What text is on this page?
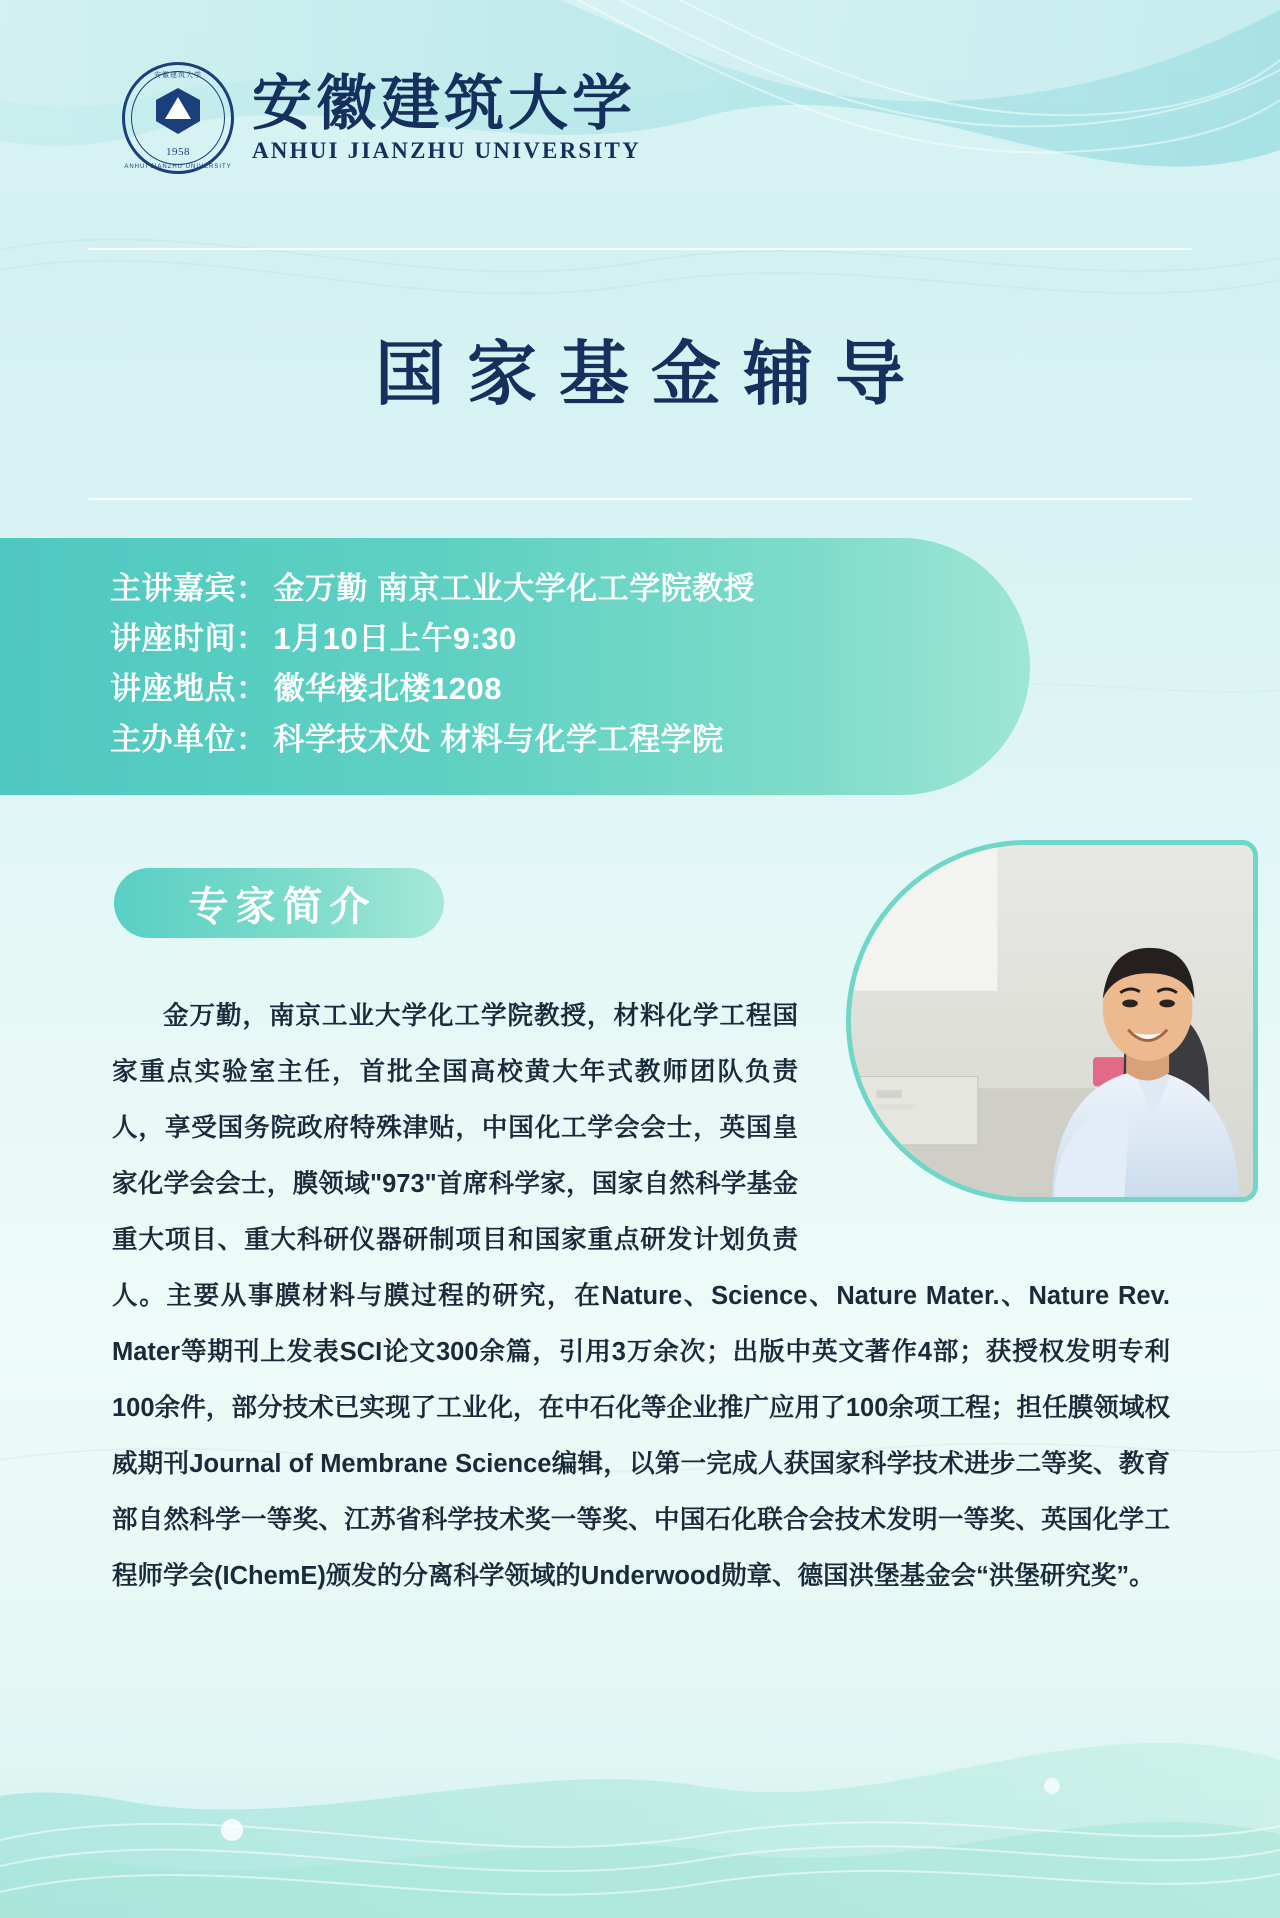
安徽建筑大学
1958
ANHUI JIANZHU UNIVERSITY
安徽建筑大学
ANHUI JIANZHU UNIVERSITY
国家基金辅导
主讲嘉宾： 金万勤 南京工业大学化工学院教授
讲座时间： 1月10日上午9:30
讲座地点： 徽华楼北楼1208
主办单位： 科学技术处 材料与化学工程学院
专家简介

金万勤，南京工业大学化工学院教授，材料化学工程国家重点实验室主任，首批全国高校黄大年式教师团队负责人，享受国务院政府特殊津贴，中国化工学会会士，英国皇家化学会会士，膜领域"973"首席科学家，国家自然科学基金重大项目、重大科研仪器研制项目和国家重点研发计划负责人。主要从事膜材料与膜过程的研究，在Nature、Science、Nature Mater.、Nature Rev. Mater等期刊上发表SCI论文300余篇，引用3万余次；出版中英文著作4部；获授权发明专利100余件，部分技术已实现了工业化，在中石化等企业推广应用了100余项工程；担任膜领域权威期刊Journal of Membrane Science编辑，以第一完成人获国家科学技术进步二等奖、教育部自然科学一等奖、江苏省科学技术奖一等奖、中国石化联合会技术发明一等奖、英国化学工程师学会(IChemE)颁发的分离科学领域的Underwood勋章、德国洪堡基金会“洪堡研究奖”。
